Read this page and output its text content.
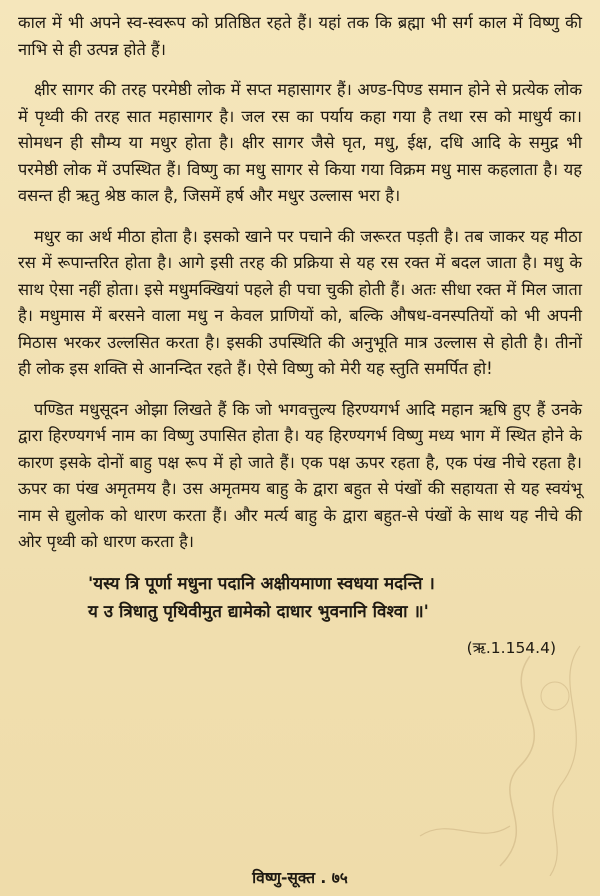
काल में भी अपने स्व-स्वरूप को प्रतिष्ठित रहते हैं। यहां तक कि ब्रह्मा भी सर्ग काल में विष्णु की नाभि से ही उत्पन्न होते हैं।

क्षीर सागर की तरह परमेष्ठी लोक में सप्त महासागर हैं। अण्ड-पिण्ड समान होने से प्रत्येक लोक में पृथ्वी की तरह सात महासागर है। जल रस का पर्याय कहा गया है तथा रस को माधुर्य का। सोमधन ही सौम्य या मधुर होता है। क्षीर सागर जैसे घृत, मधु, ईक्ष, दधि आदि के समुद्र भी परमेष्ठी लोक में उपस्थित हैं। विष्णु का मधु सागर से किया गया विक्रम मधु मास कहलाता है। यह वसन्त ही ऋतु श्रेष्ठ काल है, जिसमें हर्ष और मधुर उल्लास भरा है।

मधुर का अर्थ मीठा होता है। इसको खाने पर पचाने की जरूरत पड़ती है। तब जाकर यह मीठा रस में रूपान्तरित होता है। आगे इसी तरह की प्रक्रिया से यह रस रक्त में बदल जाता है। मधु के साथ ऐसा नहीं होता। इसे मधुमक्खियां पहले ही पचा चुकी होती हैं। अतः सीधा रक्त में मिल जाता है। मधुमास में बरसने वाला मधु न केवल प्राणियों को, बल्कि औषध-वनस्पतियों को भी अपनी मिठास भरकर उल्लसित करता है। इसकी उपस्थिति की अनुभूति मात्र उल्लास से होती है। तीनों ही लोक इस शक्ति से आनन्दित रहते हैं। ऐसे विष्णु को मेरी यह स्तुति समर्पित हो!

पण्डित मधुसूदन ओझा लिखते हैं कि जो भगवत्तुल्य हिरण्यगर्भ आदि महान ऋषि हुए हैं उनके द्वारा हिरण्यगर्भ नाम का विष्णु उपासित होता है। यह हिरण्यगर्भ विष्णु मध्य भाग में स्थित होने के कारण इसके दोनों बाहु पक्ष रूप में हो जाते हैं। एक पक्ष ऊपर रहता है, एक पंख नीचे रहता है। ऊपर का पंख अमृतमय है। उस अमृतमय बाहु के द्वारा बहुत से पंखों की सहायता से यह स्वयंभू नाम से द्युलोक को धारण करता हैं। और मर्त्य बाहु के द्वारा बहुत-से पंखों के साथ यह नीचे की ओर पृथ्वी को धारण करता है।

'यस्य त्रि पूर्णा मधुना पदानि अक्षीयमाणा स्वधया मदन्ति ।
य उ त्रिधातु पृथिवीमुत द्यामेको दाधार भुवनानि विश्वा ॥'
(ऋ.1.154.4)
विष्णु-सूक्त . ७५
